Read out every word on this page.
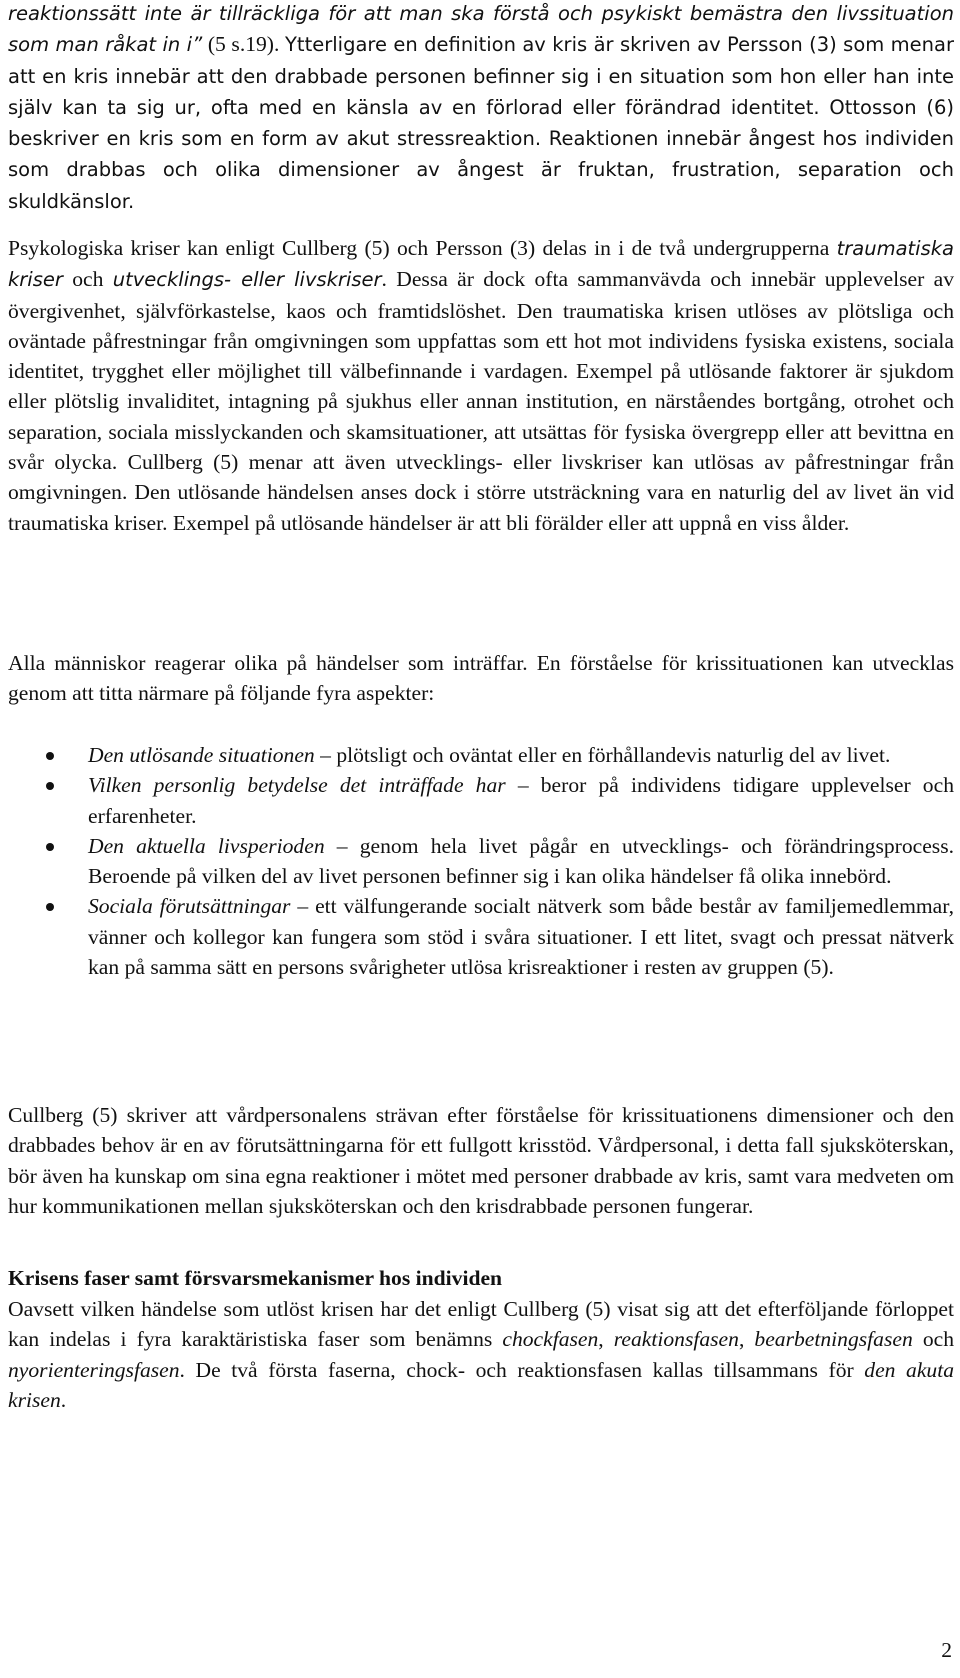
reaktionssätt inte är tillräckliga för att man ska förstå och psykiskt bemästra den livssituation som man råkat in i” (5 s.19). Ytterligare en definition av kris är skriven av Persson (3) som menar att en kris innebär att den drabbade personen befinner sig i en situation som hon eller han inte själv kan ta sig ur, ofta med en känsla av en förlorad eller förändrad identitet. Ottosson (6) beskriver en kris som en form av akut stressreaktion. Reaktionen innebär ångest hos individen som drabbas och olika dimensioner av ångest är fruktan, frustration, separation och skuldkänslor.

Psykologiska kriser kan enligt Cullberg (5) och Persson (3) delas in i de två undergrupperna traumatiska kriser och utvecklings- eller livskriser. Dessa är dock ofta sammanvävda och innebär upplevelser av övergivenhet, självförkastelse, kaos och framtidslöshet. Den traumatiska krisen utlöses av plötsliga och oväntade påfrestningar från omgivningen som uppfattas som ett hot mot individens fysiska existens, sociala identitet, trygghet eller möjlighet till välbefinnande i vardagen. Exempel på utlösande faktorer är sjukdom eller plötslig invaliditet, intagning på sjukhus eller annan institution, en närståendes bortgång, otrohet och separation, sociala misslyckanden och skamsituationer, att utsättas för fysiska övergrepp eller att bevittna en svår olycka. Cullberg (5) menar att även utvecklings- eller livskriser kan utlösas av påfrestningar från omgivningen. Den utlösande händelsen anses dock i större utsträckning vara en naturlig del av livet än vid traumatiska kriser. Exempel på utlösande händelser är att bli förälder eller att uppnå en viss ålder.

Alla människor reagerar olika på händelser som inträffar. En förståelse för krissituationen kan utvecklas genom att titta närmare på följande fyra aspekter:

Den utlösande situationen – plötsligt och oväntat eller en förhållandevis naturlig del av livet.
Vilken personlig betydelse det inträffade har – beror på individens tidigare upplevelser och erfarenheter.
Den aktuella livsperioden – genom hela livet pågår en utvecklings- och förändringsprocess. Beroende på vilken del av livet personen befinner sig i kan olika händelser få olika innebörd.
Sociala förutsättningar – ett välfungerande socialt nätverk som både består av familjemedlemmar, vänner och kollegor kan fungera som stöd i svåra situationer. I ett litet, svagt och pressat nätverk kan på samma sätt en persons svårigheter utlösa krisreaktioner i resten av gruppen (5).

Cullberg (5) skriver att vårdpersonalens strävan efter förståelse för krissituationens dimensioner och den drabbades behov är en av förutsättningarna för ett fullgott krisstöd. Vårdpersonal, i detta fall sjuksköterskan, bör även ha kunskap om sina egna reaktioner i mötet med personer drabbade av kris, samt vara medveten om hur kommunikationen mellan sjuksköterskan och den krisdrabbade personen fungerar.

Krisens faser samt försvarsmekanismer hos individen

Oavsett vilken händelse som utlöst krisen har det enligt Cullberg (5) visat sig att det efterföljande förloppet kan indelas i fyra karaktäristiska faser som benämns chockfasen, reaktionsfasen, bearbetningsfasen och nyorienteringsfasen. De två första faserna, chock- och reaktionsfasen kallas tillsammans för den akuta krisen.

2
